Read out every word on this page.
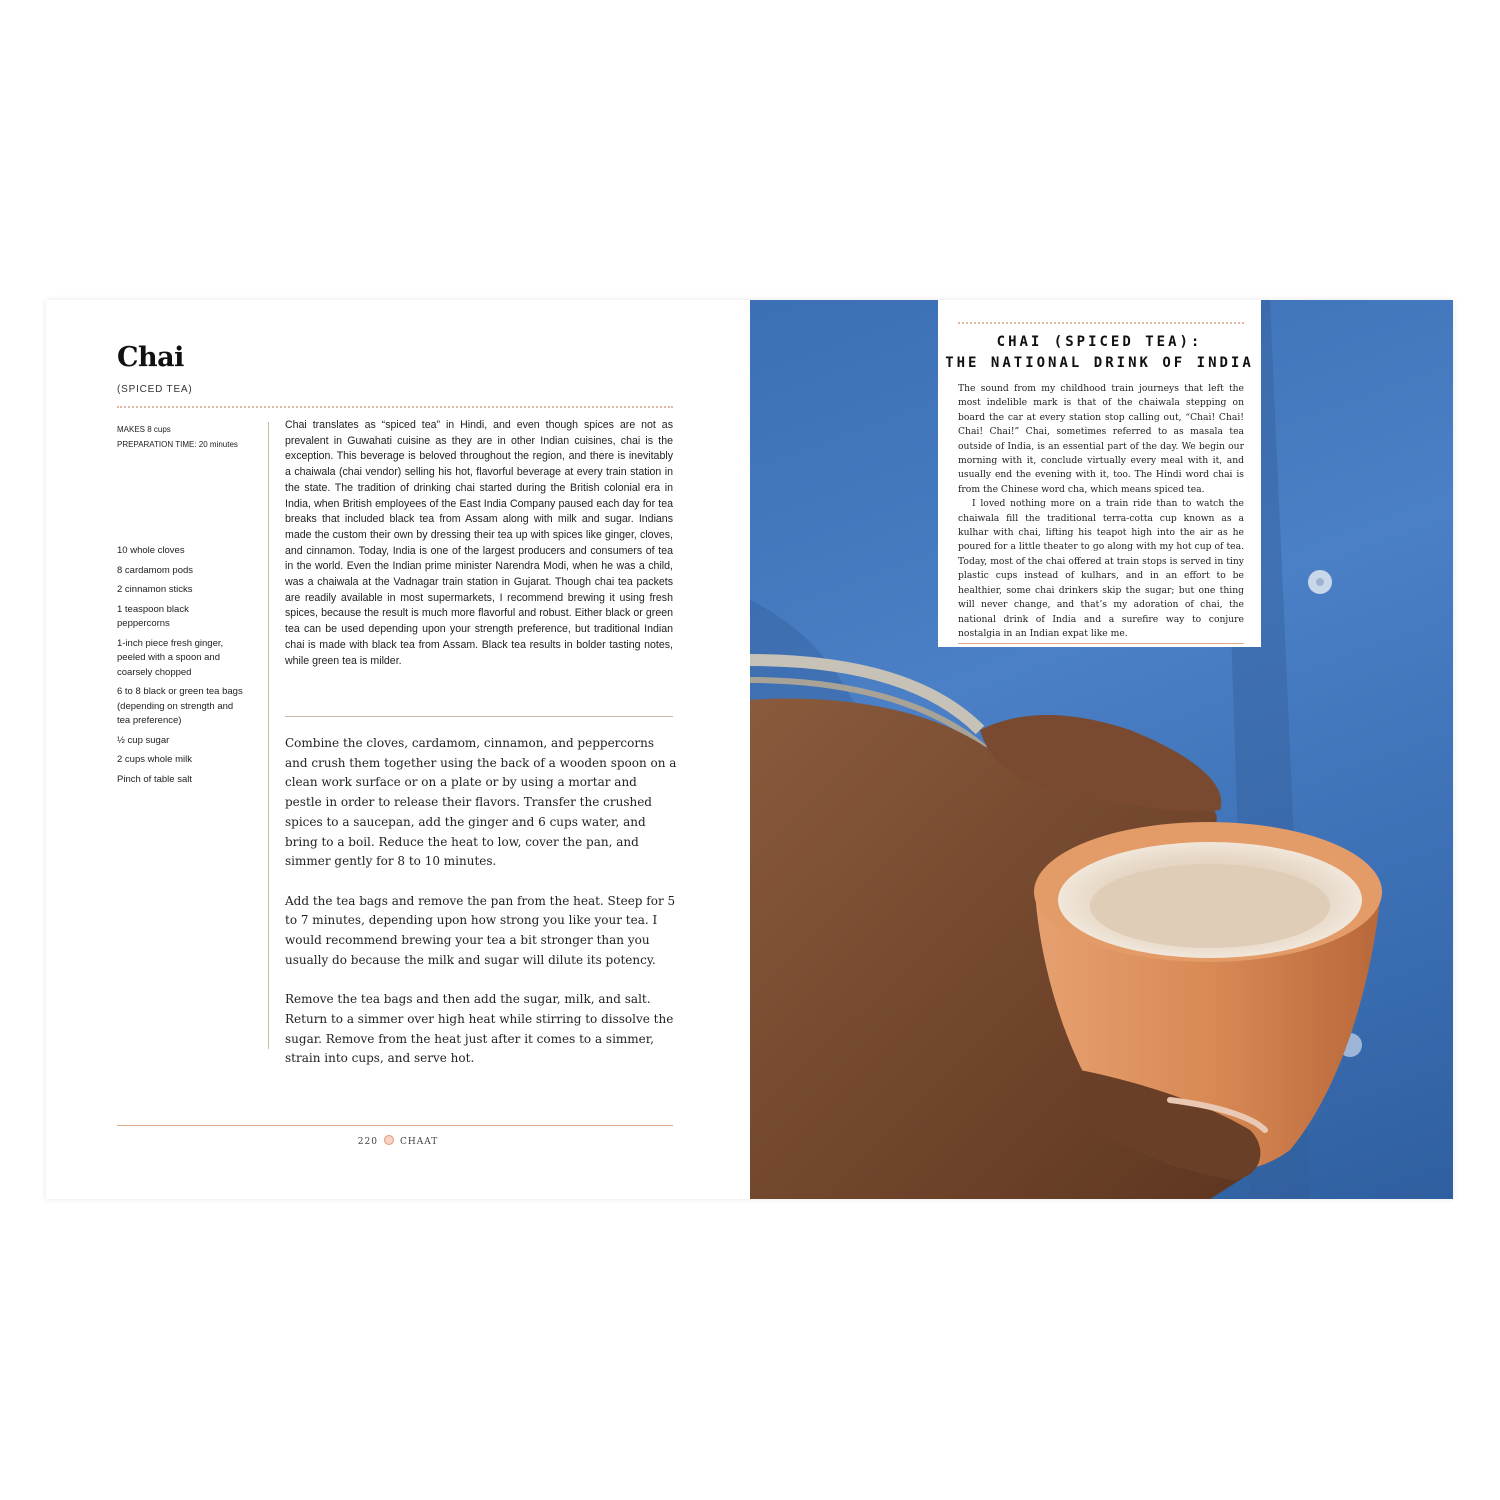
Chai
(SPICED TEA)
MAKES 8 cups
PREPARATION TIME: 20 minutes
10 whole cloves
8 cardamom pods
2 cinnamon sticks
1 teaspoon black peppercorns
1-inch piece fresh ginger, peeled with a spoon and coarsely chopped
6 to 8 black or green tea bags (depending on strength and tea preference)
½ cup sugar
2 cups whole milk
Pinch of table salt

Chai translates as “spiced tea” in Hindi, and even though spices are not as prevalent in Guwahati cuisine as they are in other Indian cuisines, chai is the exception. This beverage is beloved throughout the region, and there is inevitably a chaiwala (chai vendor) selling his hot, flavorful beverage at every train station in the state. The tradition of drinking chai started during the British colonial era in India, when British employees of the East India Company paused each day for tea breaks that included black tea from Assam along with milk and sugar. Indians made the custom their own by dressing their tea up with spices like ginger, cloves, and cinnamon. Today, India is one of the largest producers and consumers of tea in the world. Even the Indian prime minister Narendra Modi, when he was a child, was a chaiwala at the Vadnagar train station in Gujarat. Though chai tea packets are readily available in most supermarkets, I recommend brewing it using fresh spices, because the result is much more flavorful and robust. Either black or green tea can be used depending upon your strength preference, but traditional Indian chai is made with black tea from Assam. Black tea results in bolder tasting notes, while green tea is milder.

Combine the cloves, cardamom, cinnamon, and peppercorns and crush them together using the back of a wooden spoon on a clean work surface or on a plate or by using a mortar and pestle in order to release their flavors. Transfer the crushed spices to a saucepan, add the ginger and 6 cups water, and bring to a boil. Reduce the heat to low, cover the pan, and simmer gently for 8 to 10 minutes.

Add the tea bags and remove the pan from the heat. Steep for 5 to 7 minutes, depending upon how strong you like your tea. I would recommend brewing your tea a bit stronger than you usually do because the milk and sugar will dilute its potency.

Remove the tea bags and then add the sugar, milk, and salt. Return to a simmer over high heat while stirring to dissolve the sugar. Remove from the heat just after it comes to a simmer, strain into cups, and serve hot.

220 CHAAT
CHAI (SPICED TEA):
THE NATIONAL DRINK OF INDIA

The sound from my childhood train journeys that left the most indelible mark is that of the chaiwala stepping on board the car at every station stop calling out, “Chai! Chai! Chai! Chai!” Chai, sometimes referred to as masala tea outside of India, is an essential part of the day. We begin our morning with it, conclude virtually every meal with it, and usually end the evening with it, too. The Hindi word chai is from the Chinese word cha, which means spiced tea.

I loved nothing more on a train ride than to watch the chaiwala fill the traditional terra-cotta cup known as a kulhar with chai, lifting his teapot high into the air as he poured for a little theater to go along with my hot cup of tea. Today, most of the chai offered at train stops is served in tiny plastic cups instead of kulhars, and in an effort to be healthier, some chai drinkers skip the sugar; but one thing will never change, and that’s my adoration of chai, the national drink of India and a surefire way to conjure nostalgia in an Indian expat like me.
